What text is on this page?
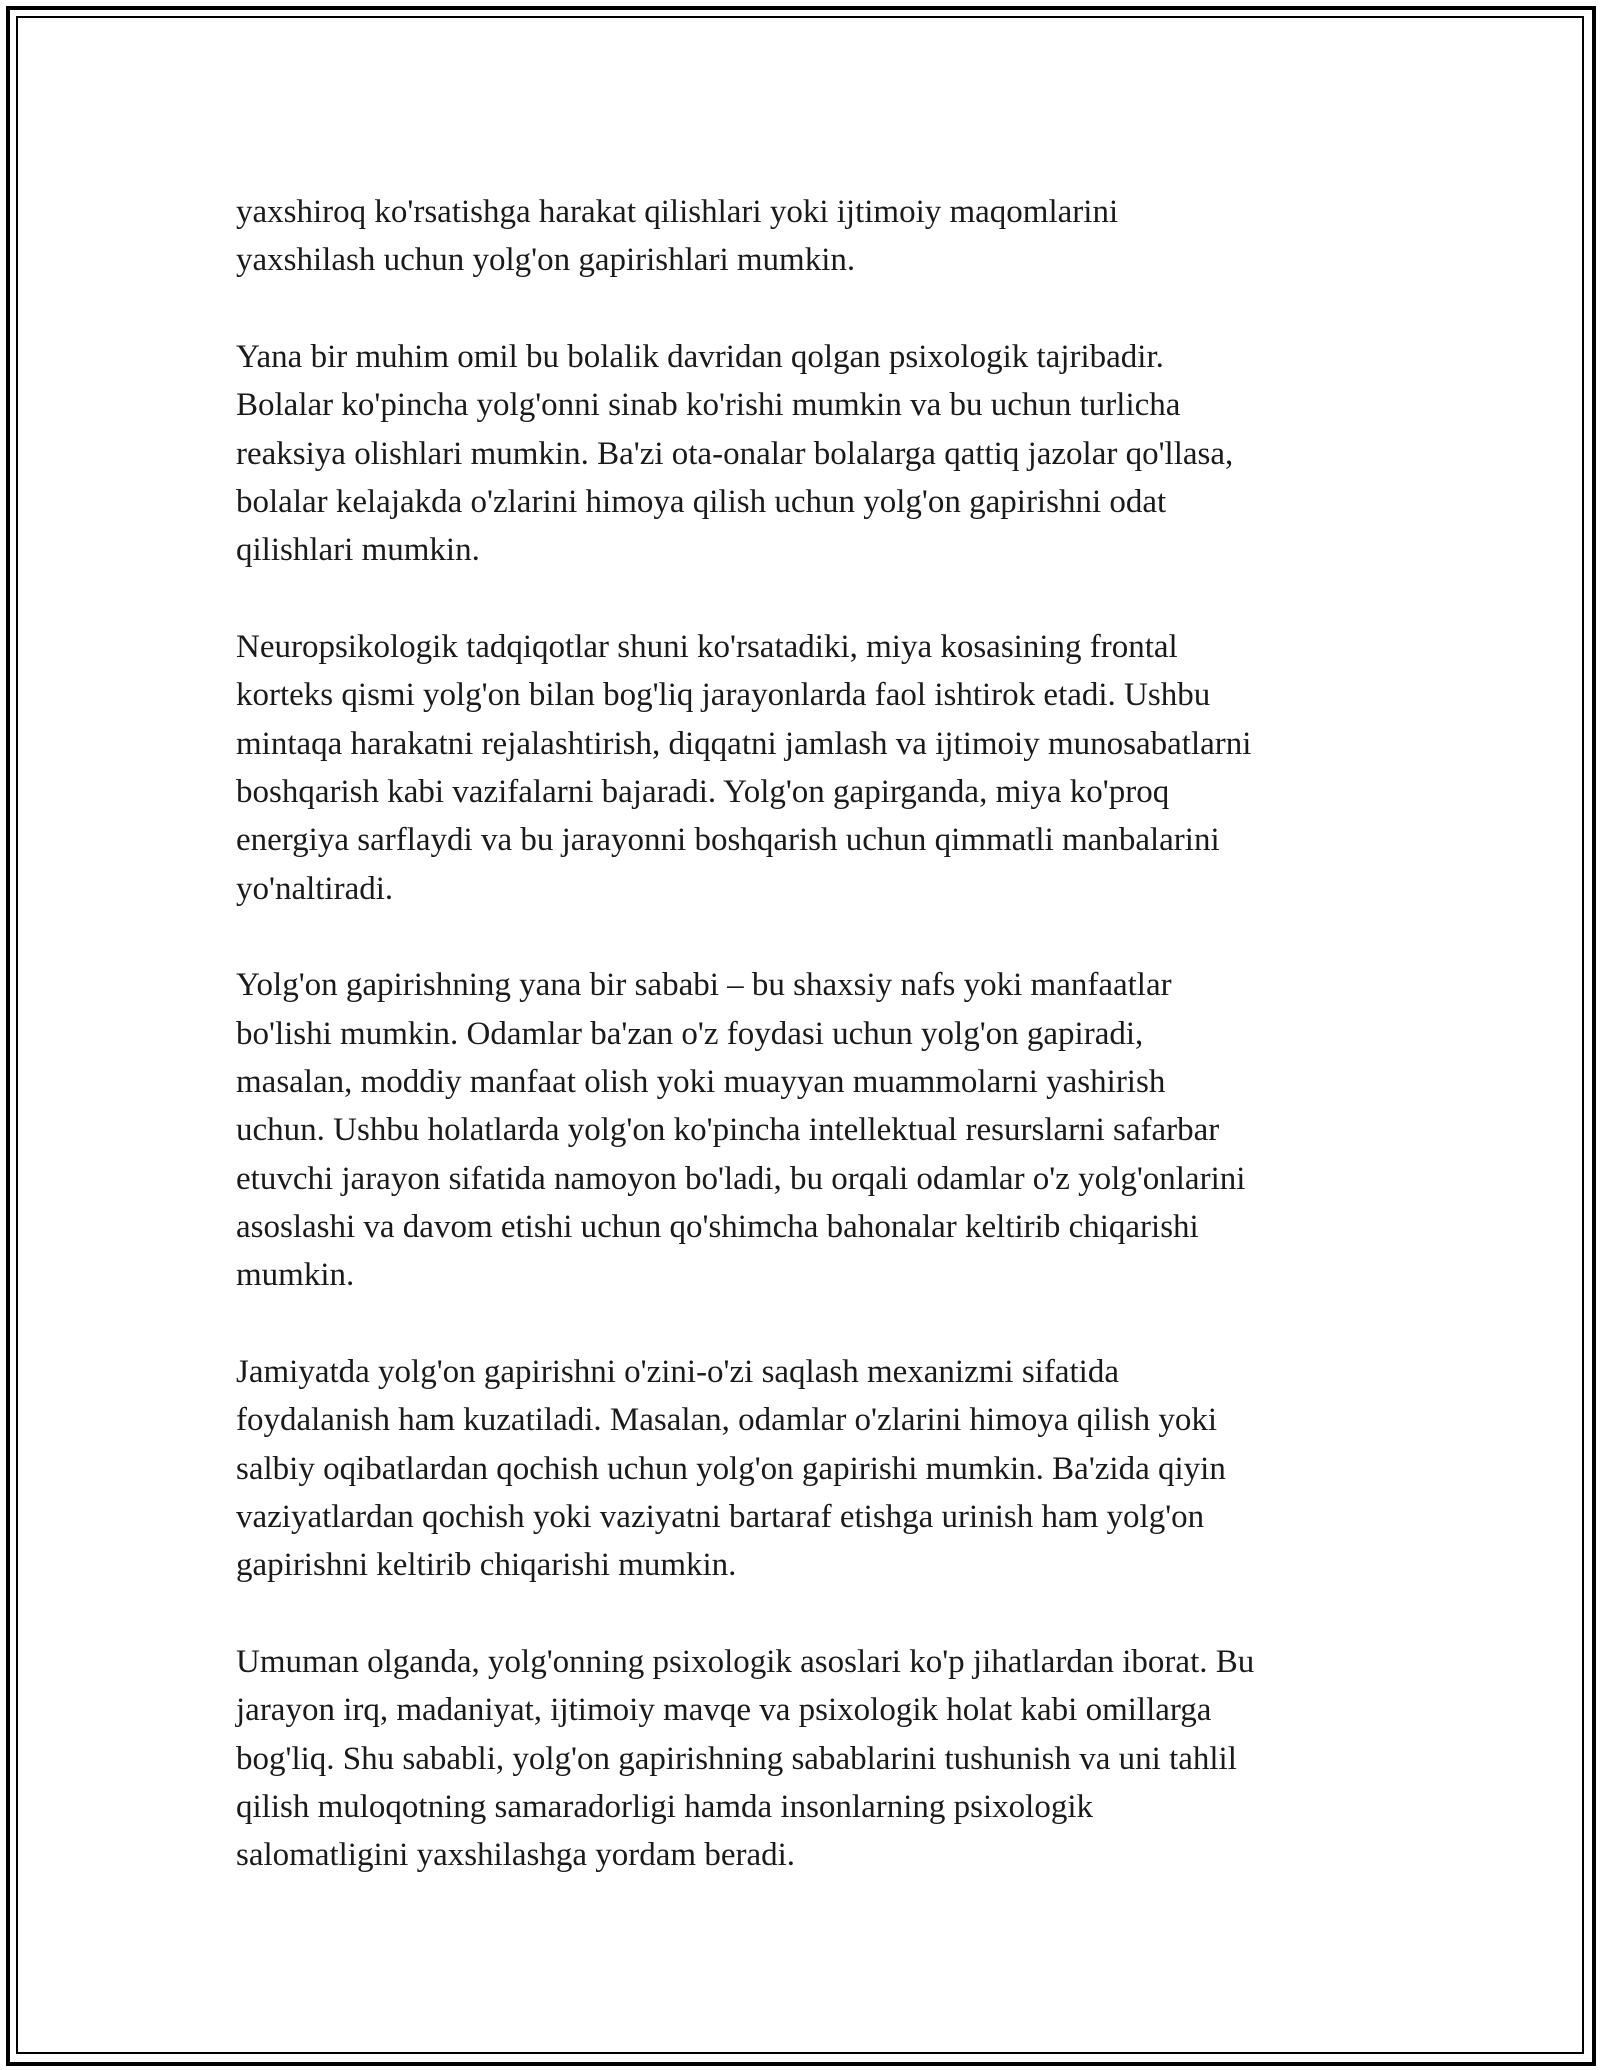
yaxshiroq ko'rsatishga harakat qilishlari yoki ijtimoiy maqomlarini
yaxshilash uchun yolg'on gapirishlari mumkin.

Yana bir muhim omil bu bolalik davridan qolgan psixologik tajribadir.
Bolalar ko'pincha yolg'onni sinab ko'rishi mumkin va bu uchun turlicha
reaksiya olishlari mumkin. Ba'zi ota-onalar bolalarga qattiq jazolar qo'llasa,
bolalar kelajakda o'zlarini himoya qilish uchun yolg'on gapirishni odat
qilishlari mumkin.

Neuropsikologik tadqiqotlar shuni ko'rsatadiki, miya kosasining frontal
korteks qismi yolg'on bilan bog'liq jarayonlarda faol ishtirok etadi. Ushbu
mintaqa harakatni rejalashtirish, diqqatni jamlash va ijtimoiy munosabatlarni
boshqarish kabi vazifalarni bajaradi. Yolg'on gapirganda, miya ko'proq
energiya sarflaydi va bu jarayonni boshqarish uchun qimmatli manbalarini
yo'naltiradi.

Yolg'on gapirishning yana bir sababi – bu shaxsiy nafs yoki manfaatlar
bo'lishi mumkin. Odamlar ba'zan o'z foydasi uchun yolg'on gapiradi,
masalan, moddiy manfaat olish yoki muayyan muammolarni yashirish
uchun. Ushbu holatlarda yolg'on ko'pincha intellektual resurslarni safarbar
etuvchi jarayon sifatida namoyon bo'ladi, bu orqali odamlar o'z yolg'onlarini
asoslashi va davom etishi uchun qo'shimcha bahonalar keltirib chiqarishi
mumkin.

Jamiyatda yolg'on gapirishni o'zini-o'zi saqlash mexanizmi sifatida
foydalanish ham kuzatiladi. Masalan, odamlar o'zlarini himoya qilish yoki
salbiy oqibatlardan qochish uchun yolg'on gapirishi mumkin. Ba'zida qiyin
vaziyatlardan qochish yoki vaziyatni bartaraf etishga urinish ham yolg'on
gapirishni keltirib chiqarishi mumkin.

Umuman olganda, yolg'onning psixologik asoslari ko'p jihatlardan iborat. Bu
jarayon irq, madaniyat, ijtimoiy mavqe va psixologik holat kabi omillarga
bog'liq. Shu sababli, yolg'on gapirishning sabablarini tushunish va uni tahlil
qilish muloqotning samaradorligi hamda insonlarning psixologik
salomatligini yaxshilashga yordam beradi.
